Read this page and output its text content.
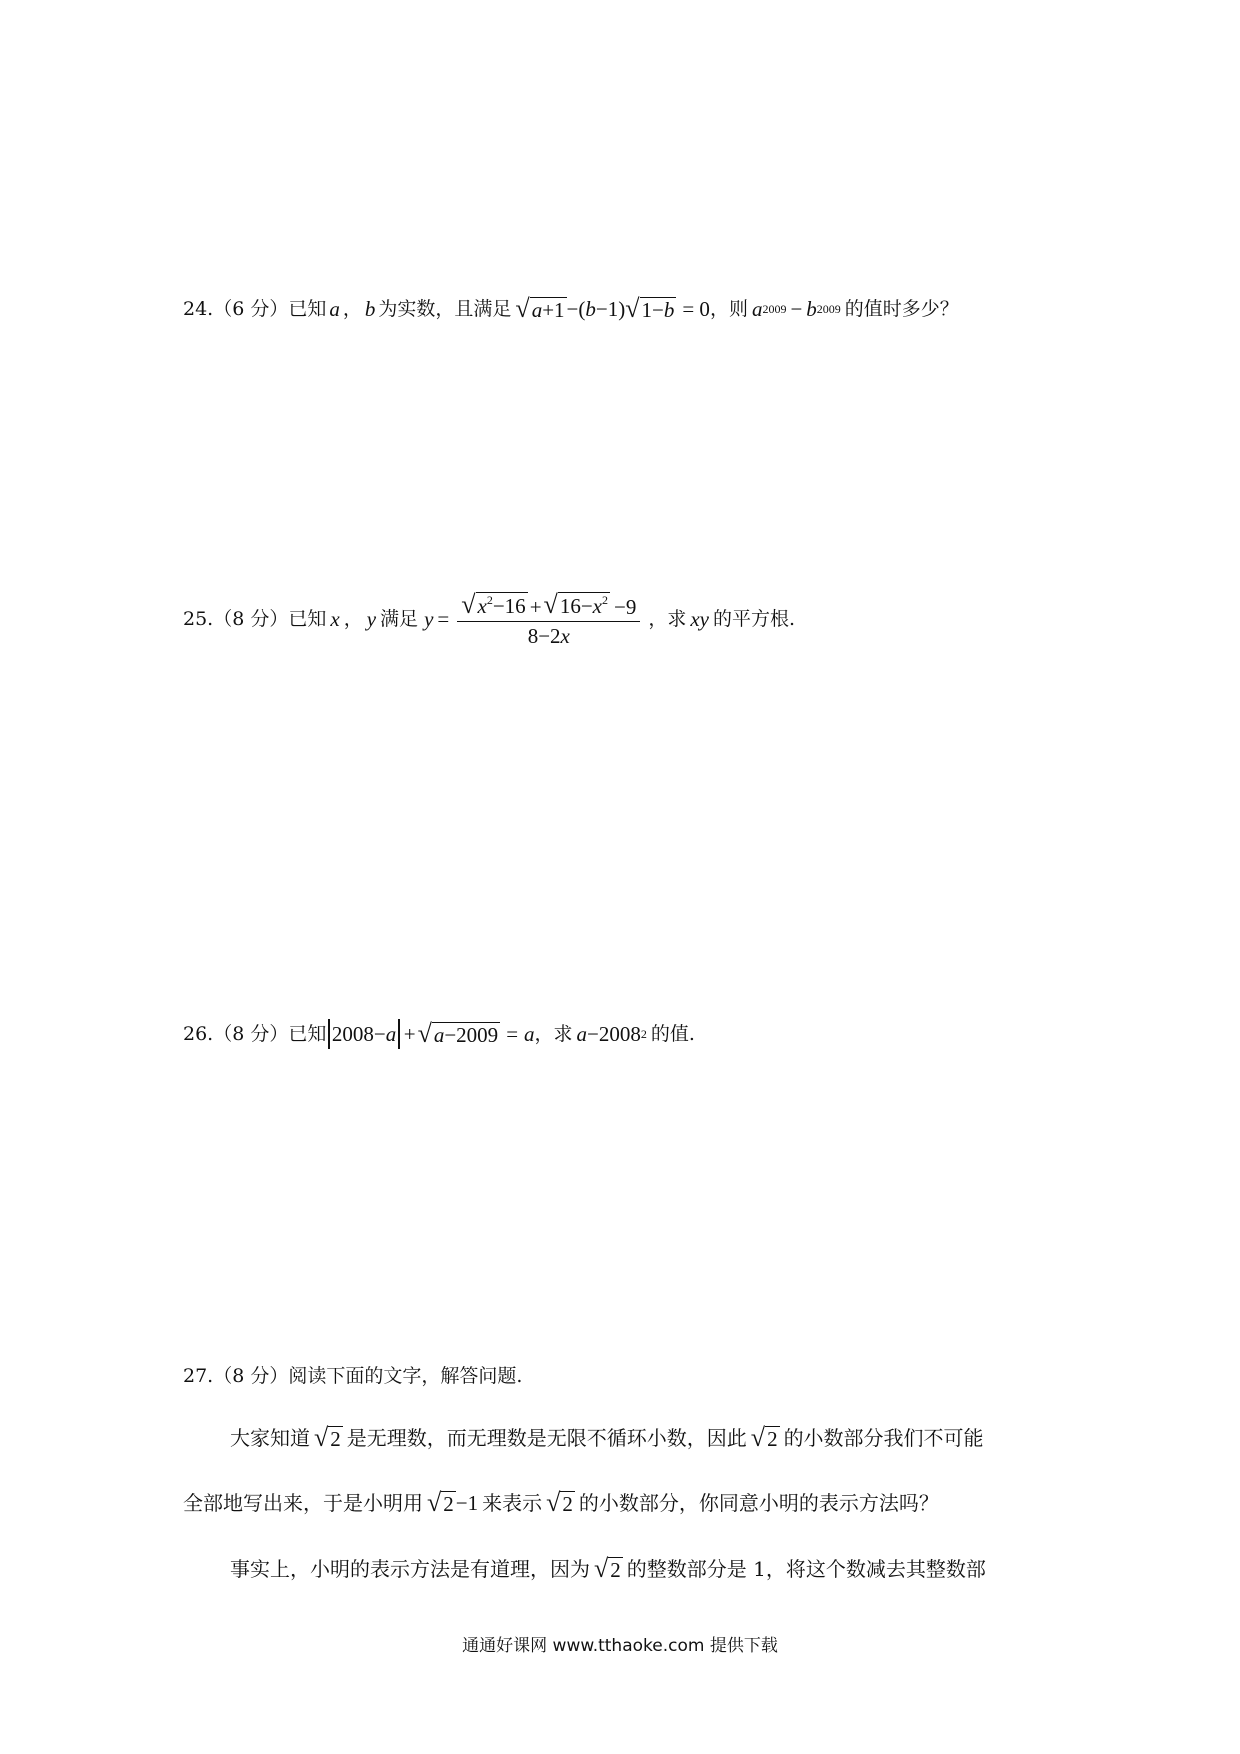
24. （6 分） 已知 a ， b 为实数，且满足 √ a+1 −( b −1) √ 1−b = 0 ，则 a 2009 − b 2009 的值时多少？
25. （8 分） 已知 x ， y 满足 $y = \frac{√ x^2-16 + √ 16-x^2 -9}{8-2x}$ ，求 xy 的平方根.
26. （8 分） 已知 2008− a + √ a−2009 = a ，求 a −2008 2 的值.
27. （8 分） 阅读下面的文字，解答问题.
大家知道 √ 2 是无理数，而无理数是无限不循环小数，因此 √ 2 的小数部分我们不可能
全部地写出来，于是小明用 √ 2 −1 来表示 √ 2 的小数部分，你同意小明的表示方法吗？
事实上，小明的表示方法是有道理，因为 √ 2 的整数部分是 1，将这个数减去其整数部
通通好课网 www.tthaoke.com 提供下载
